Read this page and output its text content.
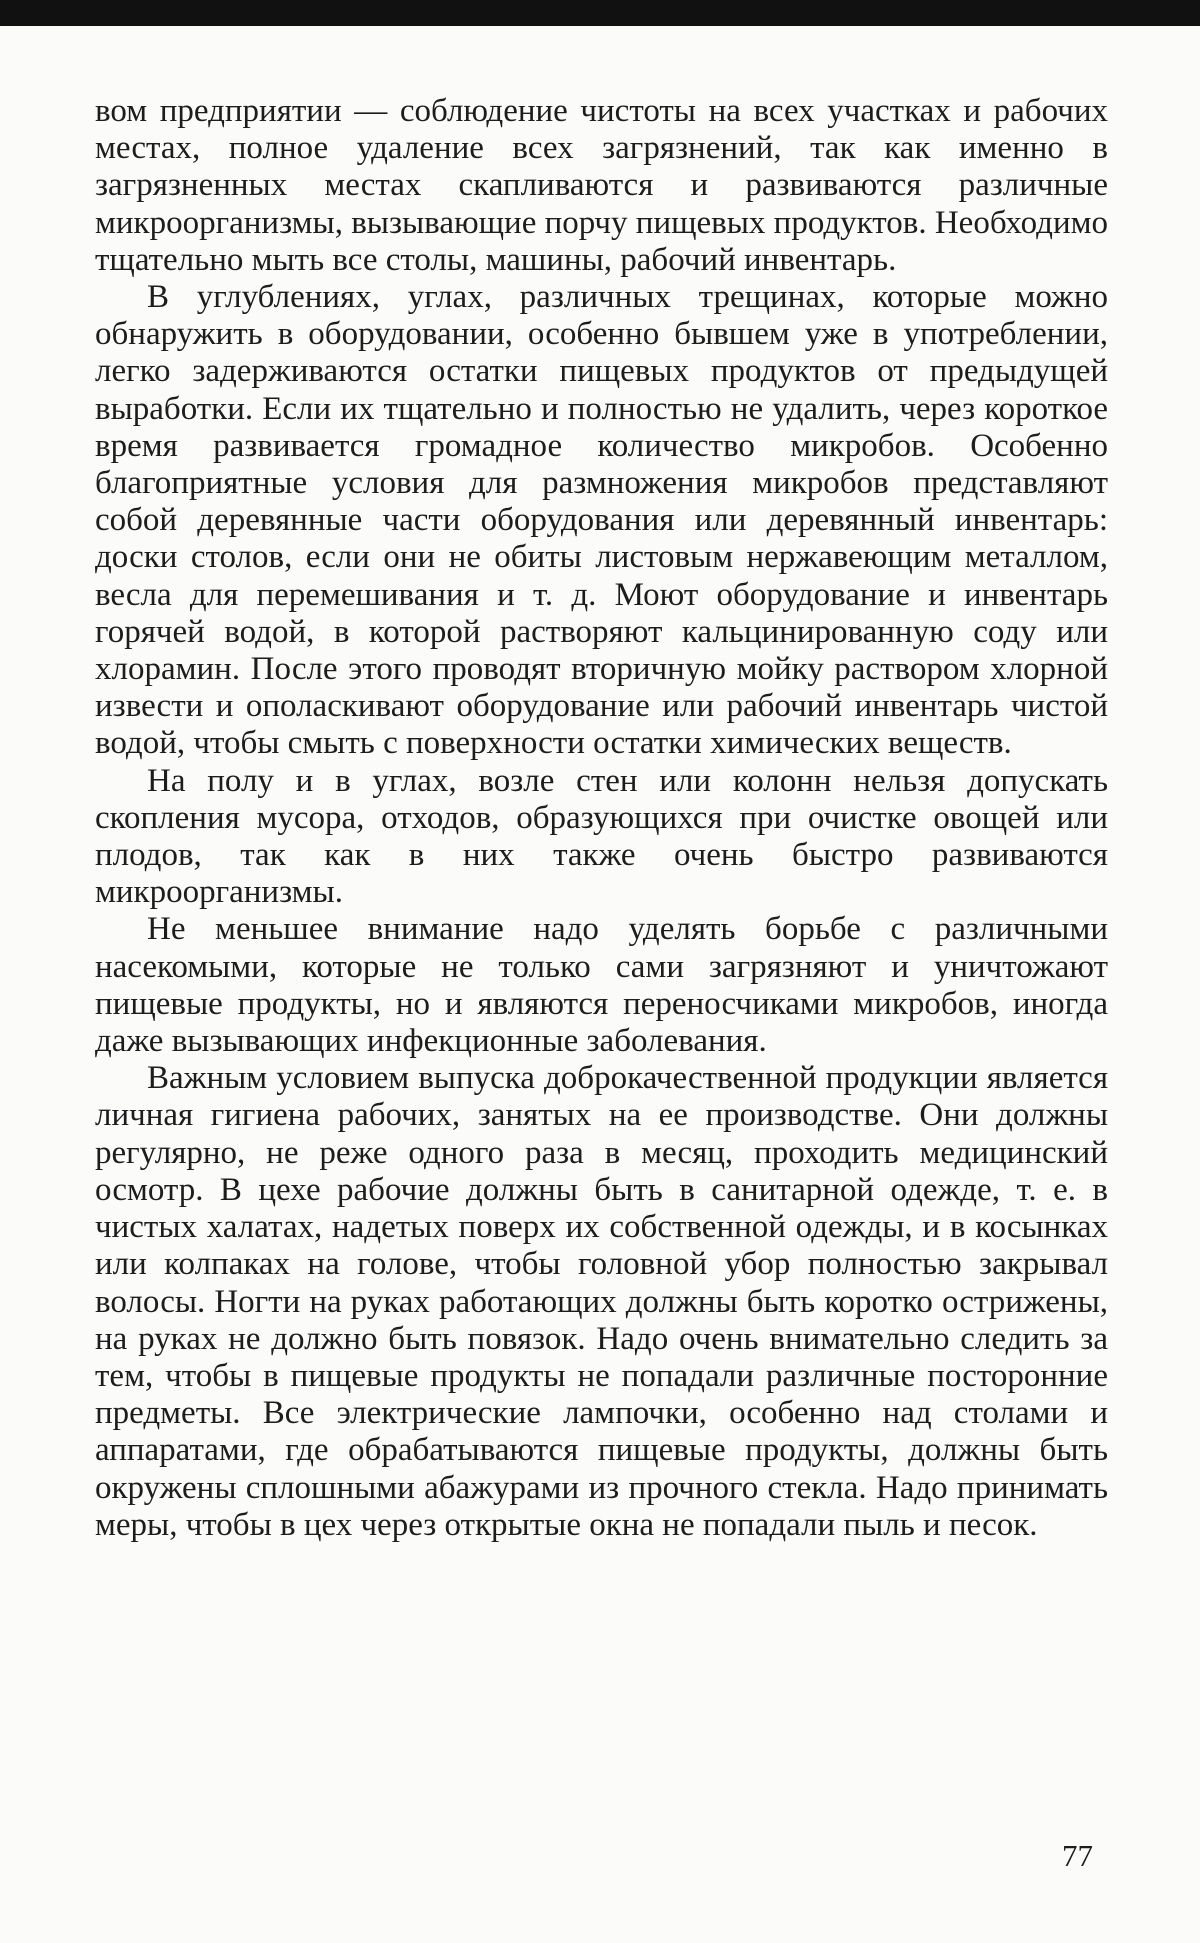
вом предприятии — соблюдение чистоты на всех участках и рабочих местах, полное удаление всех загрязнений, так как именно в загрязненных местах скапливаются и развиваются различные микроорганизмы, вызывающие порчу пищевых продуктов. Необходимо тщательно мыть все столы, машины, рабочий инвентарь.

В углублениях, углах, различных трещинах, которые можно обнаружить в оборудовании, особенно бывшем уже в употреблении, легко задерживаются остатки пищевых продуктов от предыдущей выработки. Если их тщательно и полностью не удалить, через короткое время развивается громадное количество микробов. Особенно благоприятные условия для размножения микробов представляют собой деревянные части оборудования или деревянный инвентарь: доски столов, если они не обиты листовым нержавеющим металлом, весла для перемешивания и т. д. Моют оборудование и инвентарь горячей водой, в которой растворяют кальцинированную соду или хлорамин. После этого проводят вторичную мойку раствором хлорной извести и ополаскивают оборудование или рабочий инвентарь чистой водой, чтобы смыть с поверхности остатки химических веществ.

На полу и в углах, возле стен или колонн нельзя допускать скопления мусора, отходов, образующихся при очистке овощей или плодов, так как в них также очень быстро развиваются микроорганизмы.

Не меньшее внимание надо уделять борьбе с различными насекомыми, которые не только сами загрязняют и уничтожают пищевые продукты, но и являются переносчиками микробов, иногда даже вызывающих инфекционные заболевания.

Важным условием выпуска доброкачественной продукции является личная гигиена рабочих, занятых на ее производстве. Они должны регулярно, не реже одного раза в месяц, проходить медицинский осмотр. В цехе рабочие должны быть в санитарной одежде, т. е. в чистых халатах, надетых поверх их собственной одежды, и в косынках или колпаках на голове, чтобы головной убор полностью закрывал волосы. Ногти на руках работающих должны быть коротко острижены, на руках не должно быть повязок. Надо очень внимательно следить за тем, чтобы в пищевые продукты не попадали различные посторонние предметы. Все электрические лампочки, особенно над столами и аппаратами, где обрабатываются пищевые продукты, должны быть окружены сплошными абажурами из прочного стекла. Надо принимать меры, чтобы в цех через открытые окна не попадали пыль и песок.

77
